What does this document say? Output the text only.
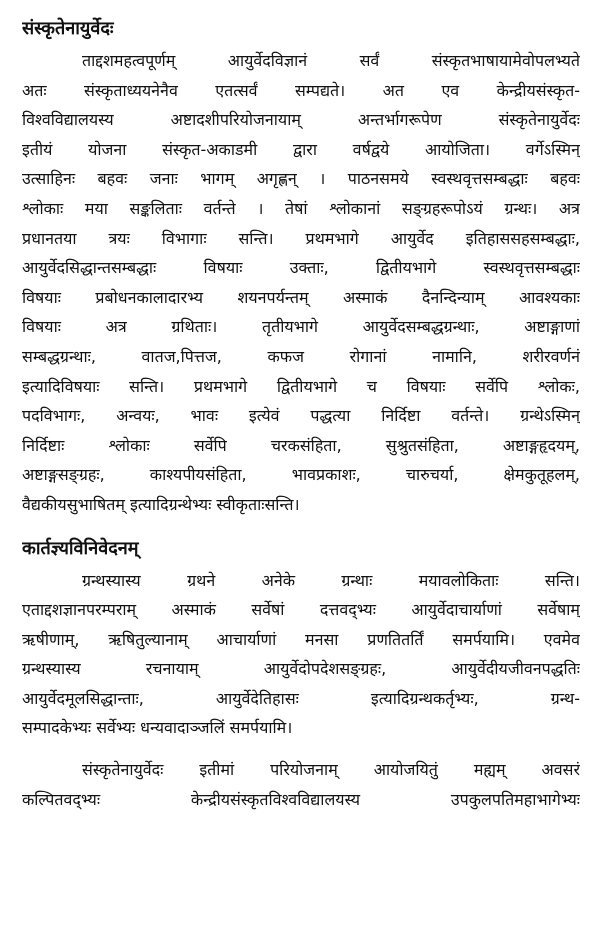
संस्कृतेनायुर्वेदः
ताद्दशमहत्वपूर्णम् आयुर्वेदविज्ञानं सर्वं संस्कृतभाषायामेवोपलभ्यते
अतः संस्कृताध्ययनेनैव एतत्सर्वं सम्पद्यते। अत एव केन्द्रीयसंस्कृत-
विश्वविद्यालयस्य अष्टादशीपरियोजनायाम् अन्तर्भागरूपेण संस्कृतेनायुर्वेदः
इतीयं योजना संस्कृत-अकाडमी द्वारा वर्षद्वये आयोजिता। वर्गेऽस्मिन्
उत्साहिनः बहवः जनाः भागम् अगृह्णन् । पाठनसमये स्वस्थवृत्तसम्बद्धाः बहवः
श्लोकाः मया सङ्कलिताः वर्तन्ते । तेषां श्लोकानां सङ्ग्रहरूपोऽयं ग्रन्थः। अत्र
प्रधानतया त्रयः विभागाः सन्ति। प्रथमभागे आयुर्वेद इतिहाससहसम्बद्धाः,
आयुर्वेदसिद्धान्तसम्बद्धाः विषयाः उक्ताः, द्वितीयभागे स्वस्थवृत्तसम्बद्धाः
विषयाः प्रबोधनकालादारभ्य शयनपर्यन्तम् अस्माकं दैनन्दिन्याम् आवश्यकाः
विषयाः अत्र ग्रथिताः। तृतीयभागे आयुर्वेदसम्बद्धग्रन्थाः, अष्टाङ्गाणां
सम्बद्धग्रन्थाः, वातज,पित्तज, कफज रोगानां नामानि, शरीरवर्णनं
इत्यादिविषयाः सन्ति। प्रथमभागे द्वितीयभागे च विषयाः सर्वेपि श्लोकः,
पदविभागः, अन्वयः, भावः इत्येवं पद्धत्या निर्दिष्टा वर्तन्ते। ग्रन्थेऽस्मिन्
निर्दिष्टाः श्लोकाः सर्वेपि चरकसंहिता, सुश्रुतसंहिता, अष्टाङ्गहृदयम्,
अष्टाङ्गसङ्ग्रहः, काश्यपीयसंहिता, भावप्रकाशः, चारुचर्या, क्षेमकुतूहलम्,
वैद्यकीयसुभाषितम् इत्यादिग्रन्थेभ्यः स्वीकृताःसन्ति।
कार्तज्ञ्यविनिवेदनम्
ग्रन्थस्यास्य ग्रथने अनेके ग्रन्थाः मयावलोकिताः सन्ति।
एताद्दशज्ञानपरम्पराम् अस्माकं सर्वेषां दत्तवद्भ्यः आयुर्वेदाचार्याणां सर्वेषाम्
ऋषीणाम्, ऋषितुल्यानाम् आचार्याणां मनसा प्रणतितर्तिं समर्पयामि। एवमेव
ग्रन्थस्यास्य रचनायाम् आयुर्वेदोपदेशसङ्ग्रहः, आयुर्वेदीयजीवनपद्धतिः
आयुर्वेदमूलसिद्धान्ताः, आयुर्वेदेतिहासः इत्यादिग्रन्थकर्तृभ्यः, ग्रन्थ-
सम्पादकेभ्यः सर्वेभ्यः धन्यवादाञ्जलिं समर्पयामि।
संस्कृतेनायुर्वेदः इतीमां परियोजनाम् आयोजयितुं मह्यम् अवसरं
कल्पितवद्भ्यः केन्द्रीयसंस्कृतविश्वविद्यालयस्य उपकुलपतिमहाभागेभ्यः
